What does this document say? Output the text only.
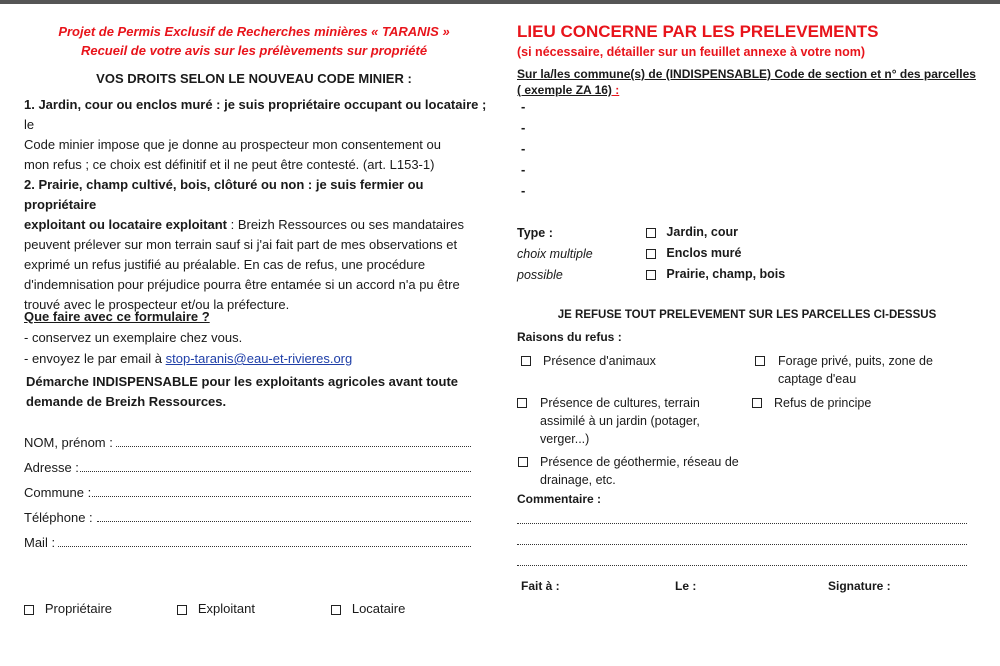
Projet de Permis Exclusif de Recherches minières « TARANIS »
Recueil de votre avis sur les prélèvements sur propriété
VOS DROITS SELON LE NOUVEAU CODE MINIER :
1. Jardin, cour ou enclos muré : je suis propriétaire occupant ou locataire ; le
Code minier impose que je donne au prospecteur mon consentement ou
mon refus ; ce choix est définitif et il ne peut être contesté. (art. L153-1)
2. Prairie, champ cultivé, bois, clôturé ou non : je suis fermier ou propriétaire
exploitant ou locataire exploitant : Breizh Ressources ou ses mandataires
peuvent prélever sur mon terrain sauf si j'ai fait part de mes observations et
exprimé un refus justifié au préalable. En cas de refus, une procédure
d'indemnisation pour préjudice pourra être entamée si un accord n'a pu être
trouvé avec le prospecteur et/ou la préfecture.
Que faire avec ce formulaire ?
- conservez un exemplaire chez vous.
- envoyez le par email à stop-taranis@eau-et-rivieres.org
Démarche INDISPENSABLE pour les exploitants agricoles avant toute
demande de Breizh Ressources.
NOM, prénom :
Adresse :
Commune :
Téléphone :
Mail :
Propriétaire	Exploitant	Locataire
LIEU CONCERNE PAR LES PRELEVEMENTS
(si nécessaire, détailler sur un feuillet annexe à votre nom)
Sur la/les commune(s) de (INDISPENSABLE) Code de section et n° des parcelles
( exemple ZA 16) :
-
-
-
-
-
Type :
choix multiple
possible
Jardin, cour
Enclos muré
Prairie, champ, bois
JE REFUSE TOUT PRELEVEMENT SUR LES PARCELLES CI-DESSUS
Raisons du refus :
Présence d'animaux
Présence de cultures, terrain
assimilé à un jardin (potager,
verger...)
Présence de géothermie, réseau de
drainage, etc.
Forage privé, puits, zone de
captage d'eau
Refus de principe
Commentaire :
Fait à :	Le :	Signature :
